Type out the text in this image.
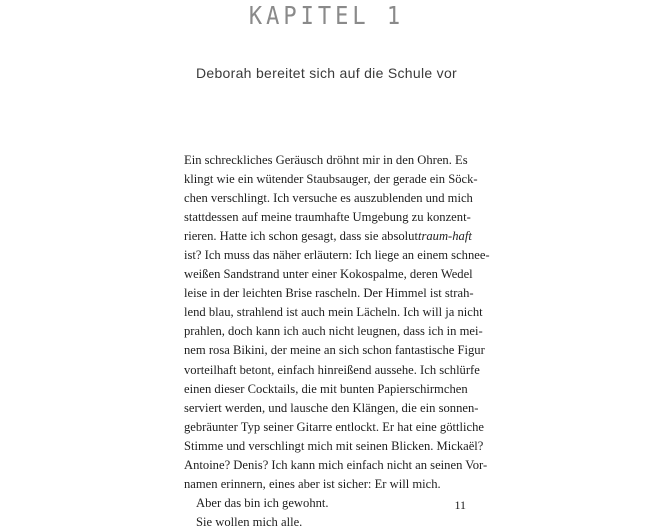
KAPITEL 1
Deborah bereitet sich auf die Schule vor
Ein schreckliches Geräusch dröhnt mir in den Ohren. Es
klingt wie ein wütender Staubsauger, der gerade ein Söck-
chen verschlingt. Ich versuche es auszublenden und mich
stattdessen auf meine traumhafte Umgebung zu konzent-
rieren. Hatte ich schon gesagt, dass sie absolut traum-haft
ist? Ich muss das näher erläutern: Ich liege an einem schnee-
weißen Sandstrand unter einer Kokospalme, deren Wedel
leise in der leichten Brise rascheln. Der Himmel ist strah-
lend blau, strahlend ist auch mein Lächeln. Ich will ja nicht
prahlen, doch kann ich auch nicht leugnen, dass ich in mei-
nem rosa Bikini, der meine an sich schon fantastische Figur
vorteilhaft betont, einfach hinreißend aussehe. Ich schlürfe
einen dieser Cocktails, die mit bunten Papierschirmchen
serviert werden, und lausche den Klängen, die ein sonnen-
gebräunter Typ seiner Gitarre entlockt. Er hat eine göttliche
Stimme und verschlingt mich mit seinen Blicken. Mickaël?
Antoine? Denis? Ich kann mich einfach nicht an seinen Vor-
namen erinnern, eines aber ist sicher: Er will mich.
Aber das bin ich gewohnt.
Sie wollen mich alle.
11
